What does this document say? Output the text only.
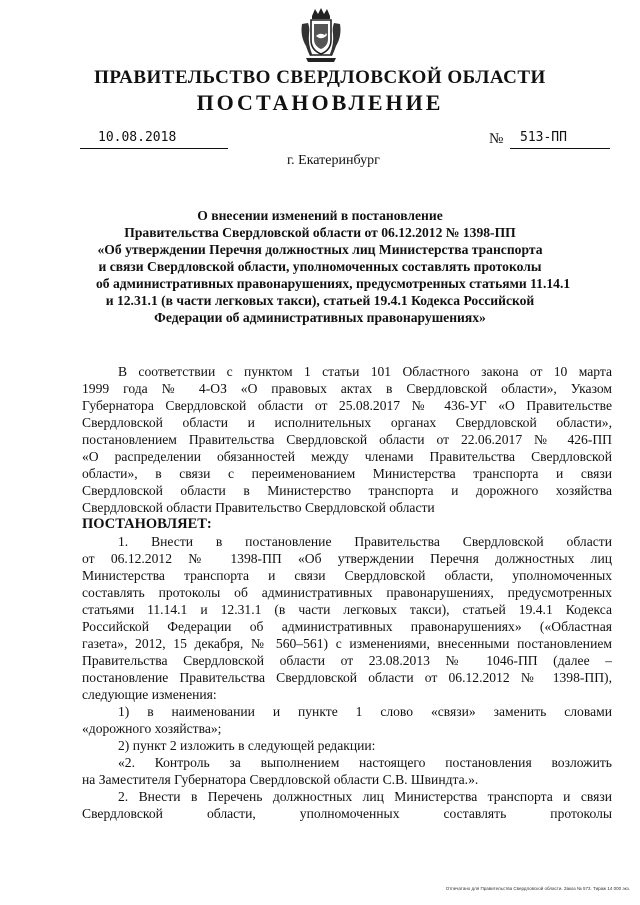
ПРАВИТЕЛЬСТВО СВЕРДЛОВСКОЙ ОБЛАСТИ
ПОСТАНОВЛЕНИЕ
10.08.2018	№	513-ПП
г. Екатеринбург
О внесении изменений в постановление
Правительства Свердловской области от 06.12.2012 № 1398-ПП
«Об утверждении Перечня должностных лиц Министерства транспорта
и связи Свердловской области, уполномоченных составлять протоколы
об административных правонарушениях, предусмотренных статьями 11.14.1
и 12.31.1 (в части легковых такси), статьей 19.4.1 Кодекса Российской
Федерации об административных правонарушениях»
В соответствии с пунктом 1 статьи 101 Областного закона от 10 марта
1999 года № 4-ОЗ «О правовых актах в Свердловской области», Указом
Губернатора Свердловской области от 25.08.2017 № 436-УГ «О Правительстве
Свердловской области и исполнительных органах Свердловской области»,
постановлением Правительства Свердловской области от 22.06.2017 № 426-ПП
«О распределении обязанностей между членами Правительства Свердловской
области», в связи с переименованием Министерства транспорта и связи
Свердловской области в Министерство транспорта и дорожного хозяйства
Свердловской области Правительство Свердловской области
ПОСТАНОВЛЯЕТ:
1. Внести в постановление Правительства Свердловской области
от 06.12.2012 № 1398-ПП «Об утверждении Перечня должностных лиц
Министерства транспорта и связи Свердловской области, уполномоченных
составлять протоколы об административных правонарушениях, предусмотренных
статьями 11.14.1 и 12.31.1 (в части легковых такси), статьей 19.4.1 Кодекса
Российской Федерации об административных правонарушениях» («Областная
газета», 2012, 15 декабря, № 560–561) с изменениями, внесенными постановлением
Правительства Свердловской области от 23.08.2013 № 1046-ПП (далее –
постановление Правительства Свердловской области от 06.12.2012 № 1398-ПП),
следующие изменения:
1) в наименовании и пункте 1 слово «связи» заменить словами
«дорожного хозяйства»;
2) пункт 2 изложить в следующей редакции:
«2. Контроль за выполнением настоящего постановления возложить
на Заместителя Губернатора Свердловской области С.В. Швиндта.».
2. Внести в Перечень должностных лиц Министерства транспорта и связи
Свердловской области, уполномоченных составлять протоколы
Отпечатано для Правительства Свердловской области. Заказ № 573. Тираж 14 000 экз.
